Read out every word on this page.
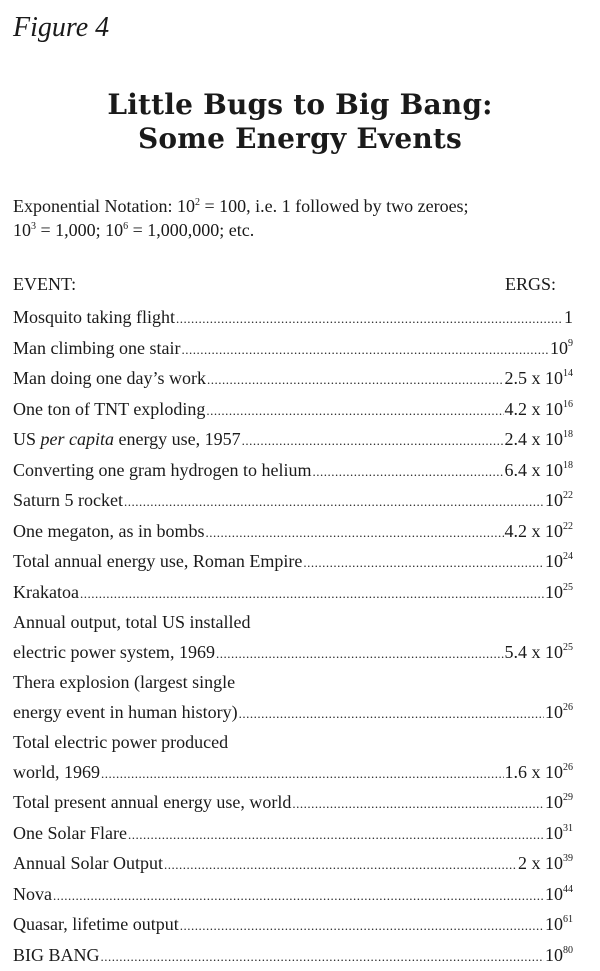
Figure 4
Little Bugs to Big Bang:
Some Energy Events
Exponential Notation: $10^2 = 100$, i.e. 1 followed by two zeroes;
$10^3 = 1,000$; $10^6 = 1,000,000$; etc.
EVENT:	ERGS:
Mosquito taking flight .....	1
Man climbing one stair .....	$10^9$
Man doing one day’s work .....	2.5 x $10^{14}$
One ton of TNT exploding .....	4.2 x $10^{16}$
US per capita energy use, 1957 .....	2.4 x $10^{18}$
Converting one gram hydrogen to helium .....	6.4 x $10^{18}$
Saturn 5 rocket .....	$10^{22}$
One megaton, as in bombs .....	4.2 x $10^{22}$
Total annual energy use, Roman Empire .....	$10^{24}$
Krakatoa .....	$10^{25}$
Annual output, total US installed
electric power system, 1969 .....	5.4 x $10^{25}$
Thera explosion (largest single
energy event in human history) .....	$10^{26}$
Total electric power produced
world, 1969 .....	1.6 x $10^{26}$
Total present annual energy use, world .....	$10^{29}$
One Solar Flare .....	$10^{31}$
Annual Solar Output .....	2 x $10^{39}$
Nova .....	$10^{44}$
Quasar, lifetime output .....	$10^{61}$
BIG BANG .....	$10^{80}$
